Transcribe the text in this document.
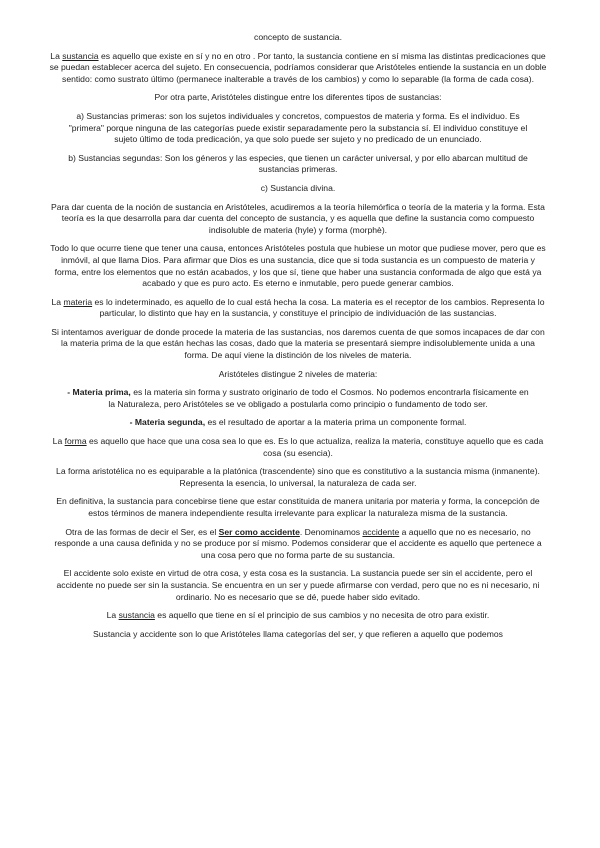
concepto de sustancia.

La sustancia es aquello que existe en sí y no en otro . Por tanto, la sustancia contiene en sí misma las distintas predicaciones que se puedan establecer acerca del sujeto. En consecuencia, podríamos considerar que Aristóteles entiende la sustancia en un doble sentido: como sustrato último (permanece inalterable a través de los cambios) y como lo separable (la forma de cada cosa).

Por otra parte, Aristóteles distingue entre los diferentes tipos de sustancias:

a) Sustancias primeras: son los sujetos individuales y concretos, compuestos de materia y forma. Es el individuo. Es "primera" porque ninguna de las categorías puede existir separadamente pero la substancia sí. El individuo constituye el sujeto último de toda predicación, ya que solo puede ser sujeto y no predicado de un enunciado.

b) Sustancias segundas: Son los géneros y las especies, que tienen un carácter universal, y por ello abarcan multitud de sustancias primeras.

c) Sustancia divina.

Para dar cuenta de la noción de sustancia en Aristóteles, acudiremos a la teoría hilemórfica o teoría de la materia y la forma. Esta teoría es la que desarrolla para dar cuenta del concepto de sustancia, y es aquella que define la sustancia como compuesto indisoluble de materia (hyle) y forma (morphè).

Todo lo que ocurre tiene que tener una causa, entonces Aristóteles postula que hubiese un motor que pudiese mover, pero que es inmóvil, al que llama Dios. Para afirmar que Dios es una sustancia, dice que si toda sustancia es un compuesto de materia y forma, entre los elementos que no están acabados, y los que sí, tiene que haber una sustancia conformada de algo que está ya acabado y que es puro acto. Es eterno e inmutable, pero puede generar cambios.

La materia es lo indeterminado, es aquello de lo cual está hecha la cosa. La materia es el receptor de los cambios. Representa lo particular, lo distinto que hay en la sustancia, y constituye el principio de individuación de las sustancias.

Si intentamos averiguar de donde procede la materia de las sustancias, nos daremos cuenta de que somos incapaces de dar con la materia prima de la que están hechas las cosas, dado que la materia se presentará siempre indisolublemente unida a una forma. De aquí viene la distinción de los niveles de materia.

Aristóteles distingue 2 niveles de materia:

- Materia prima, es la materia sin forma y sustrato originario de todo el Cosmos. No podemos encontrarla físicamente en la Naturaleza, pero Aristóteles se ve obligado a postularla como principio o fundamento de todo ser.

- Materia segunda, es el resultado de aportar a la materia prima un componente formal.

La forma es aquello que hace que una cosa sea lo que es. Es lo que actualiza, realiza la materia, constituye aquello que es cada cosa (su esencia).

La forma aristotélica no es equiparable a la platónica (trascendente) sino que es constitutivo a la sustancia misma (inmanente). Representa la esencia, lo universal, la naturaleza de cada ser.

En definitiva, la sustancia para concebirse tiene que estar constituida de manera unitaria por materia y forma, la concepción de estos términos de manera independiente resulta irrelevante para explicar la naturaleza misma de la sustancia.

Otra de las formas de decir el Ser, es el Ser como accidente. Denominamos accidente a aquello que no es necesario, no responde a una causa definida y no se produce por sí mismo. Podemos considerar que el accidente es aquello que pertenece a una cosa pero que no forma parte de su sustancia.

El accidente solo existe en virtud de otra cosa, y esta cosa es la sustancia. La sustancia puede ser sin el accidente, pero el accidente no puede ser sin la sustancia. Se encuentra en un ser y puede afirmarse con verdad, pero que no es ni necesario, ni ordinario. No es necesario que se dé, puede haber sido evitado.

La sustancia es aquello que tiene en sí el principio de sus cambios y no necesita de otro para existir.

Sustancia y accidente son lo que Aristóteles llama categorías del ser, y que refieren a aquello que podemos
